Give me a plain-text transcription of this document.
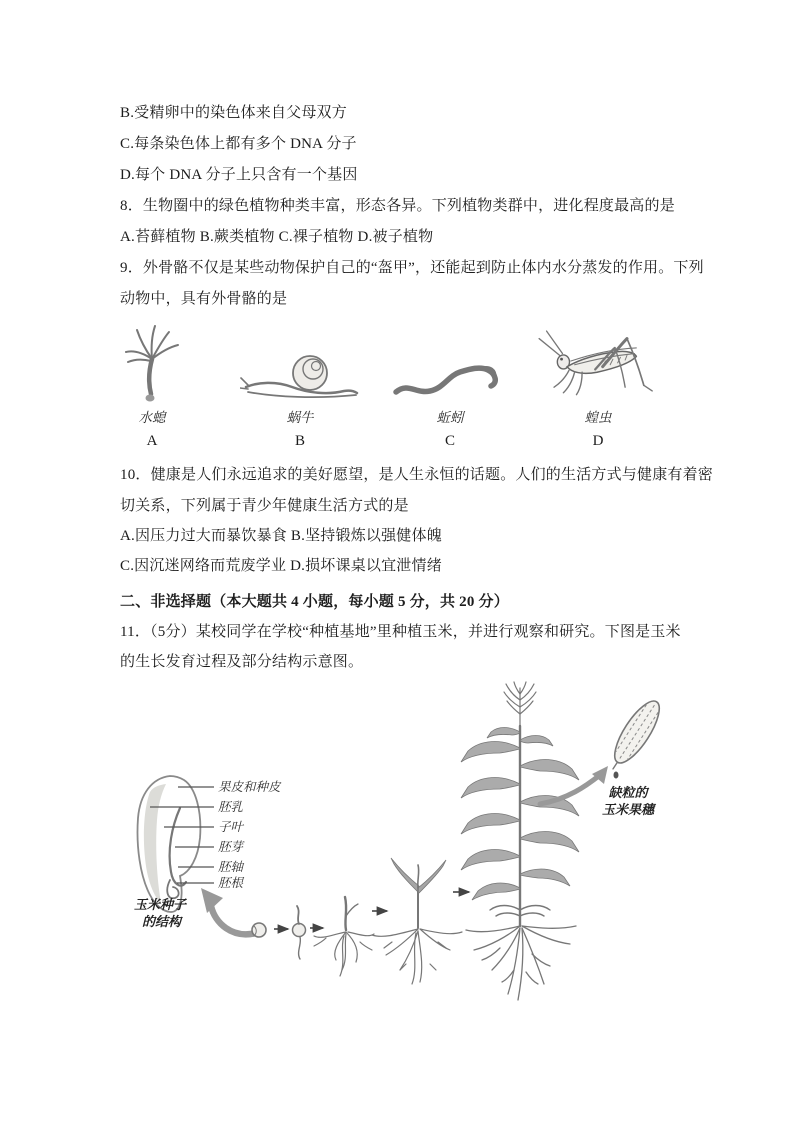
B.受精卵中的染色体来自父母双方
C.每条染色体上都有多个 DNA 分子
D.每个 DNA 分子上只含有一个基因
8．生物圈中的绿色植物种类丰富，形态各异。下列植物类群中，进化程度最高的是
A.苔藓植物 B.蕨类植物 C.裸子植物 D.被子植物
9．外骨骼不仅是某些动物保护自己的“盔甲”，还能起到防止体内水分蒸发的作用。下列
动物中，具有外骨骼的是
水螅
A
蜗牛
B
蚯蚓
C
蝗虫
D
10．健康是人们永远追求的美好愿望，是人生永恒的话题。人们的生活方式与健康有着密
切关系，下列属于青少年健康生活方式的是
A.因压力过大而暴饮暴食 B.坚持锻炼以强健体魄
C.因沉迷网络而荒废学业 D.损坏课桌以宜泄情绪
二、非选择题（本大题共 4 小题，每小题 5 分，共 20 分）
11．（5分）某校同学在学校“种植基地”里种植玉米，并进行观察和研究。下图是玉米
的生长发育过程及部分结构示意图。
果皮和种皮
胚乳
子叶
胚芽
胚轴
胚根
玉米种子
的结构
缺粒的
玉米果穗
